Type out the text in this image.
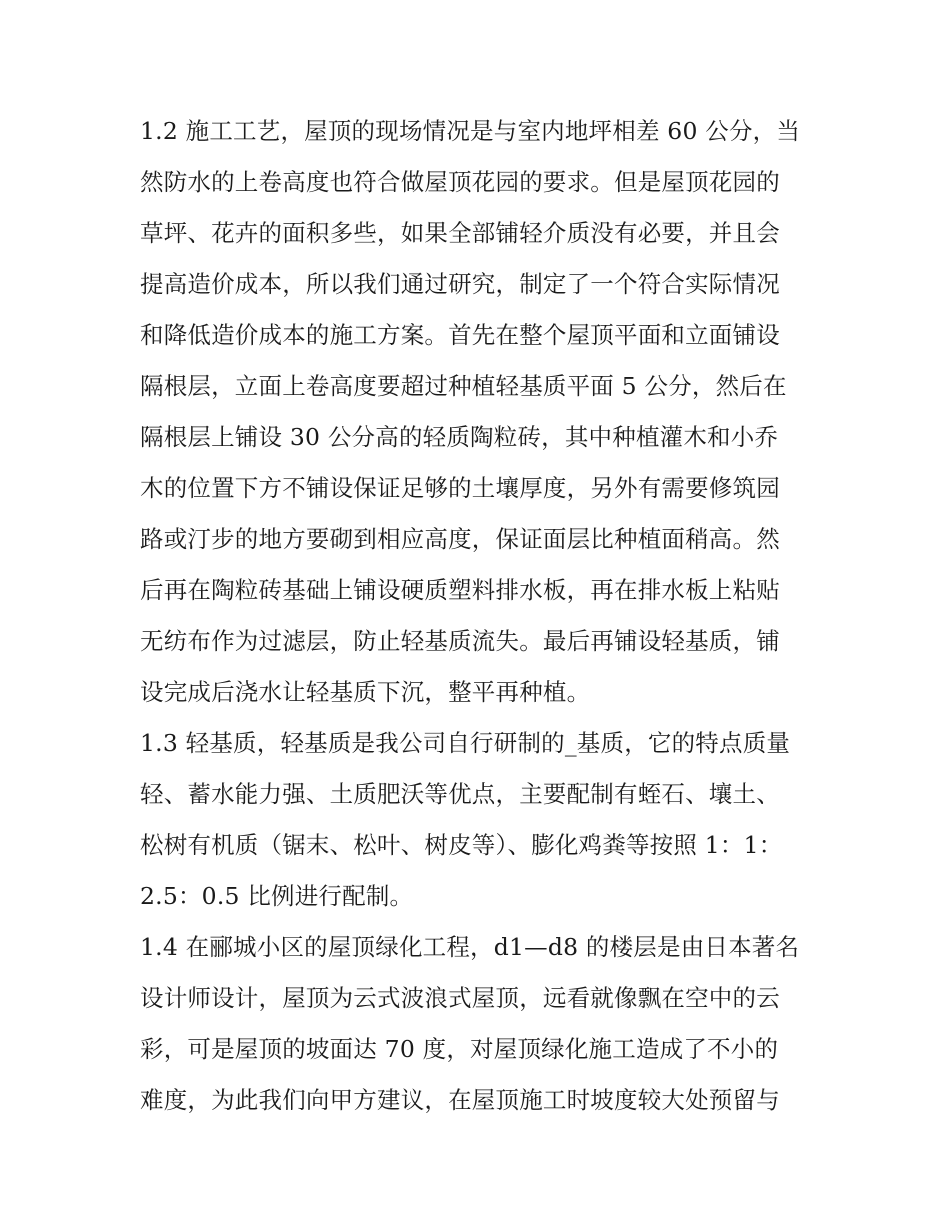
1.2 施工工艺，屋顶的现场情况是与室内地坪相差 60 公分，当
然防水的上卷高度也符合做屋顶花园的要求。但是屋顶花园的
草坪、花卉的面积多些，如果全部铺轻介质没有必要，并且会
提高造价成本，所以我们通过研究，制定了一个符合实际情况
和降低造价成本的施工方案。首先在整个屋顶平面和立面铺设
隔根层，立面上卷高度要超过种植轻基质平面 5 公分，然后在
隔根层上铺设 30 公分高的轻质陶粒砖，其中种植灌木和小乔
木的位置下方不铺设保证足够的土壤厚度，另外有需要修筑园
路或汀步的地方要砌到相应高度，保证面层比种植面稍高。然
后再在陶粒砖基础上铺设硬质塑料排水板，再在排水板上粘贴
无纺布作为过滤层，防止轻基质流失。最后再铺设轻基质，铺
设完成后浇水让轻基质下沉，整平再种植。
1.3 轻基质，轻基质是我公司自行研制的_基质，它的特点质量
轻、蓄水能力强、土质肥沃等优点，主要配制有蛭石、壤土、
松树有机质（锯末、松叶、树皮等）、膨化鸡粪等按照 1：1：
2.5：0.5 比例进行配制。
1.4 在郦城小区的屋顶绿化工程，d1—d8 的楼层是由日本著名
设计师设计，屋顶为云式波浪式屋顶，远看就像飘在空中的云
彩，可是屋顶的坡面达 70 度，对屋顶绿化施工造成了不小的
难度，为此我们向甲方建议，在屋顶施工时坡度较大处预留与
